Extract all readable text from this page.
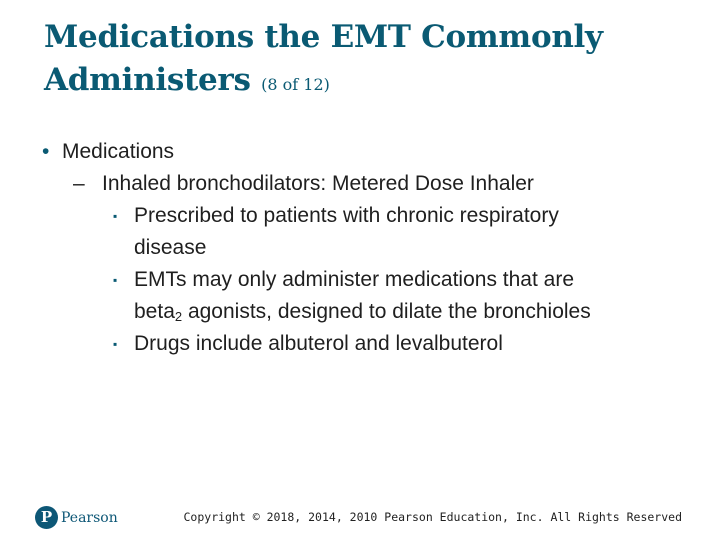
Medications the EMT Commonly Administers (8 of 12)
• Medications
– Inhaled bronchodilators: Metered Dose Inhaler
▪ Prescribed to patients with chronic respiratory
disease
▪ EMTs may only administer medications that are
beta$_2$ agonists, designed to dilate the bronchioles
▪ Drugs include albuterol and levalbuterol
P Pearson	Copyright © 2018, 2014, 2010 Pearson Education, Inc. All Rights Reserved
